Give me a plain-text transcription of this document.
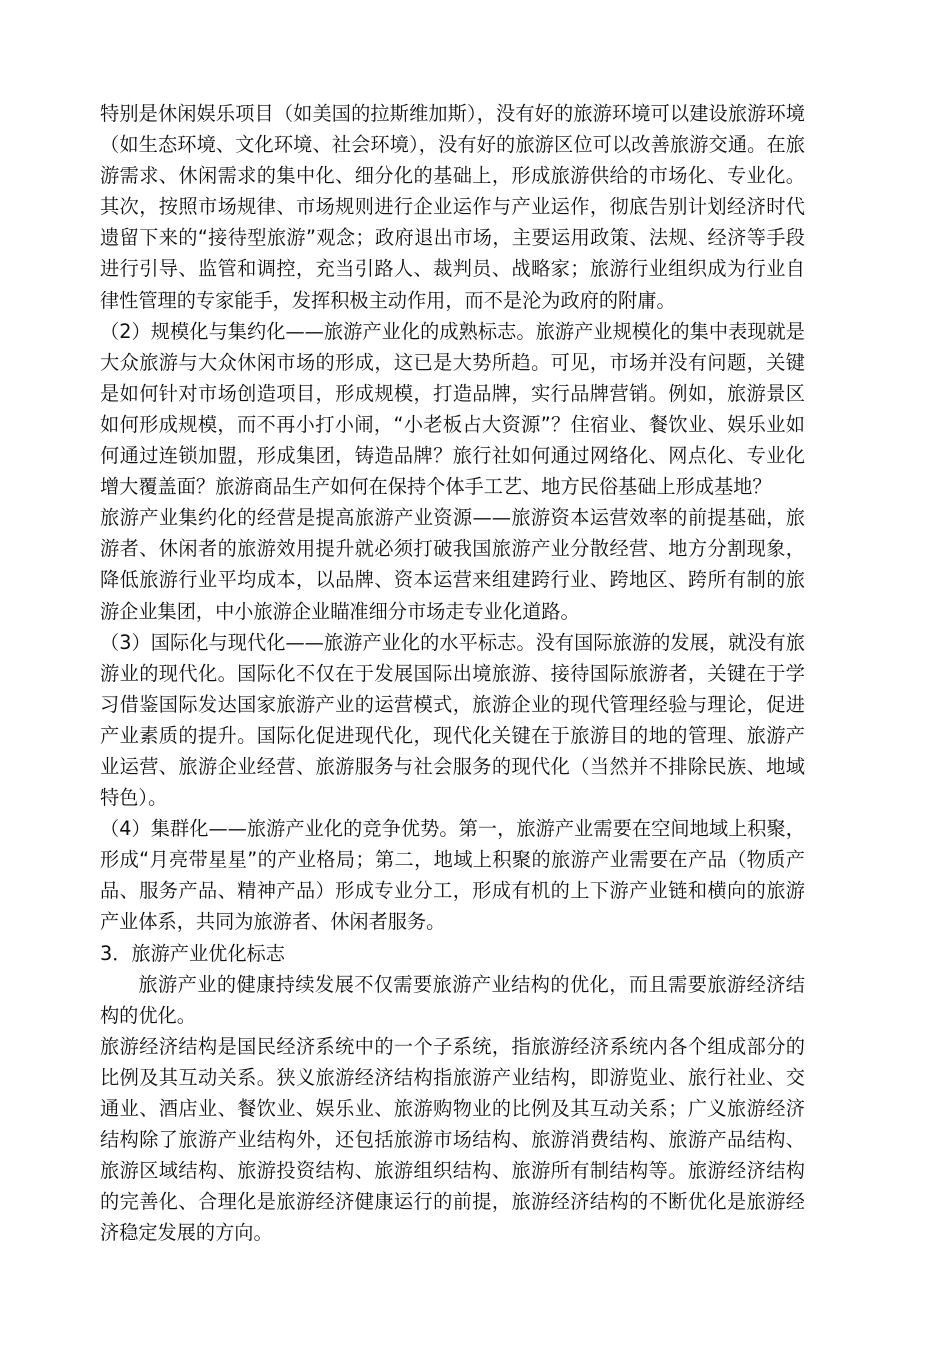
特别是休闲娱乐项目（如美国的拉斯维加斯），没有好的旅游环境可以建设旅游环境（如生态环境、文化环境、社会环境），没有好的旅游区位可以改善旅游交通。在旅游需求、休闲需求的集中化、细分化的基础上，形成旅游供给的市场化、专业化。其次，按照市场规律、市场规则进行企业运作与产业运作，彻底告别计划经济时代遗留下来的“接待型旅游”观念；政府退出市场，主要运用政策、法规、经济等手段进行引导、监管和调控，充当引路人、裁判员、战略家；旅游行业组织成为行业自律性管理的专家能手，发挥积极主动作用，而不是沦为政府的附庸。

（2）规模化与集约化——旅游产业化的成熟标志。旅游产业规模化的集中表现就是大众旅游与大众休闲市场的形成，这已是大势所趋。可见，市场并没有问题，关键是如何针对市场创造项目，形成规模，打造品牌，实行品牌营销。例如，旅游景区如何形成规模，而不再小打小闹，“小老板占大资源”？住宿业、餐饮业、娱乐业如何通过连锁加盟，形成集团，铸造品牌？旅行社如何通过网络化、网点化、专业化增大覆盖面？旅游商品生产如何在保持个体手工艺、地方民俗基础上形成基地？

旅游产业集约化的经营是提高旅游产业资源——旅游资本运营效率的前提基础，旅游者、休闲者的旅游效用提升就必须打破我国旅游产业分散经营、地方分割现象，降低旅游行业平均成本，以品牌、资本运营来组建跨行业、跨地区、跨所有制的旅游企业集团，中小旅游企业瞄准细分市场走专业化道路。

（3）国际化与现代化——旅游产业化的水平标志。没有国际旅游的发展，就没有旅游业的现代化。国际化不仅在于发展国际出境旅游、接待国际旅游者，关键在于学习借鉴国际发达国家旅游产业的运营模式，旅游企业的现代管理经验与理论，促进产业素质的提升。国际化促进现代化，现代化关键在于旅游目的地的管理、旅游产业运营、旅游企业经营、旅游服务与社会服务的现代化（当然并不排除民族、地域特色）。

（4）集群化——旅游产业化的竞争优势。第一，旅游产业需要在空间地域上积聚，形成“月亮带星星”的产业格局；第二，地域上积聚的旅游产业需要在产品（物质产品、服务产品、精神产品）形成专业分工，形成有机的上下游产业链和横向的旅游产业体系，共同为旅游者、休闲者服务。

3．旅游产业优化标志

旅游产业的健康持续发展不仅需要旅游产业结构的优化，而且需要旅游经济结构的优化。

旅游经济结构是国民经济系统中的一个子系统，指旅游经济系统内各个组成部分的比例及其互动关系。狭义旅游经济结构指旅游产业结构，即游览业、旅行社业、交通业、酒店业、餐饮业、娱乐业、旅游购物业的比例及其互动关系；广义旅游经济结构除了旅游产业结构外，还包括旅游市场结构、旅游消费结构、旅游产品结构、旅游区域结构、旅游投资结构、旅游组织结构、旅游所有制结构等。旅游经济结构的完善化、合理化是旅游经济健康运行的前提，旅游经济结构的不断优化是旅游经济稳定发展的方向。
